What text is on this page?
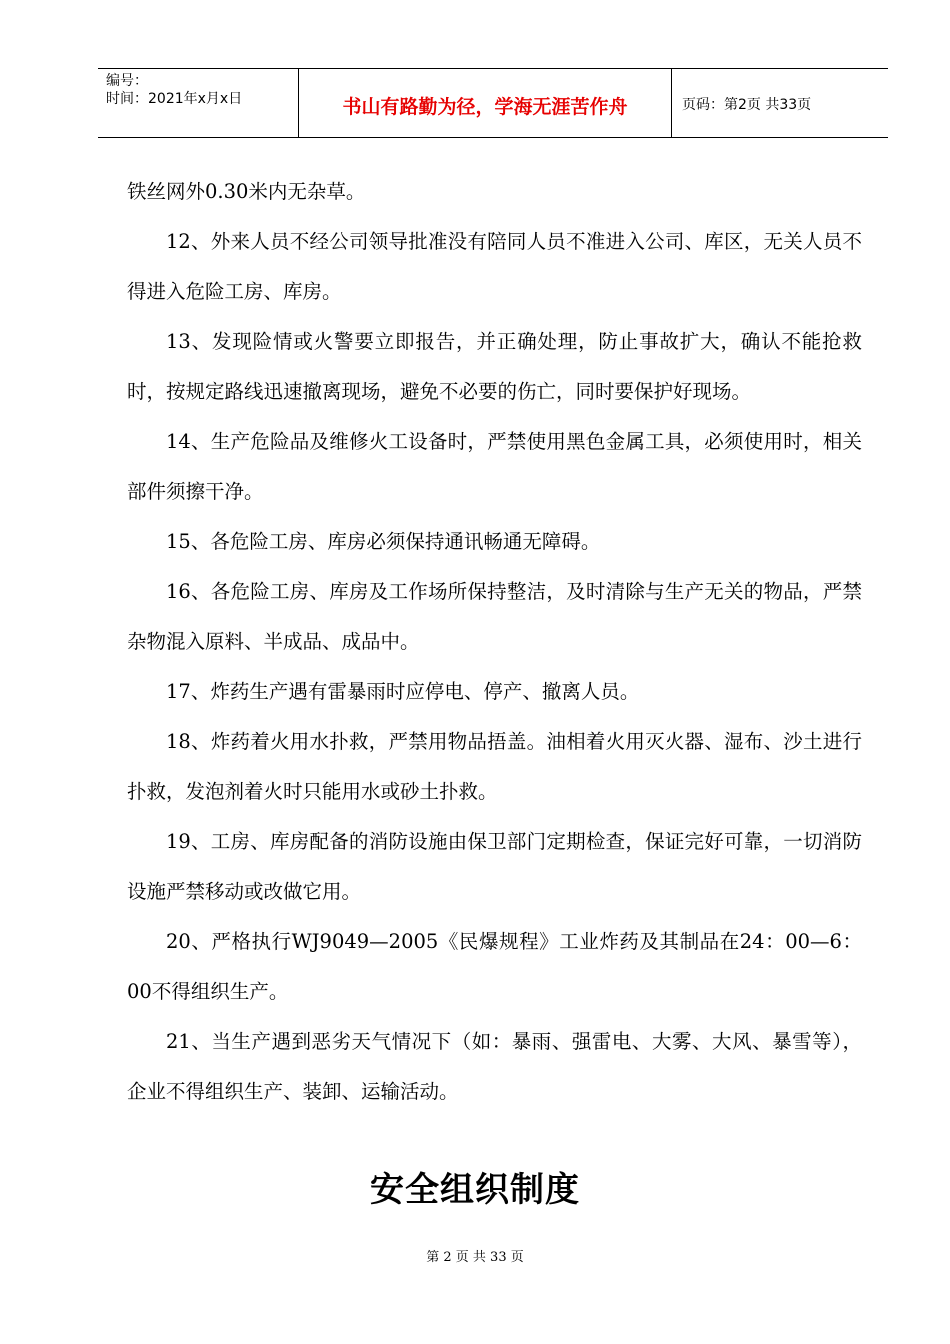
编号：
时间：2021年x月x日	书山有路勤为径，学海无涯苦作舟	页码：第2页 共33页

铁丝网外0.30米内无杂草。

12、外来人员不经公司领导批准没有陪同人员不准进入公司、库区，无关人员不得进入危险工房、库房。

13、发现险情或火警要立即报告，并正确处理，防止事故扩大，确认不能抢救时，按规定路线迅速撤离现场，避免不必要的伤亡，同时要保护好现场。

14、生产危险品及维修火工设备时，严禁使用黑色金属工具，必须使用时，相关部件须擦干净。

15、各危险工房、库房必须保持通讯畅通无障碍。

16、各危险工房、库房及工作场所保持整洁，及时清除与生产无关的物品，严禁杂物混入原料、半成品、成品中。

17、炸药生产遇有雷暴雨时应停电、停产、撤离人员。

18、炸药着火用水扑救，严禁用物品捂盖。油相着火用灭火器、湿布、沙土进行扑救，发泡剂着火时只能用水或砂土扑救。

19、工房、库房配备的消防设施由保卫部门定期检查，保证完好可靠，一切消防设施严禁移动或改做它用。

20、严格执行WJ9049—2005《民爆规程》工业炸药及其制品在24：00—6：00不得组织生产。

21、当生产遇到恶劣天气情况下（如：暴雨、强雷电、大雾、大风、暴雪等），企业不得组织生产、装卸、运输活动。

安全组织制度
第 2 页 共 33 页
